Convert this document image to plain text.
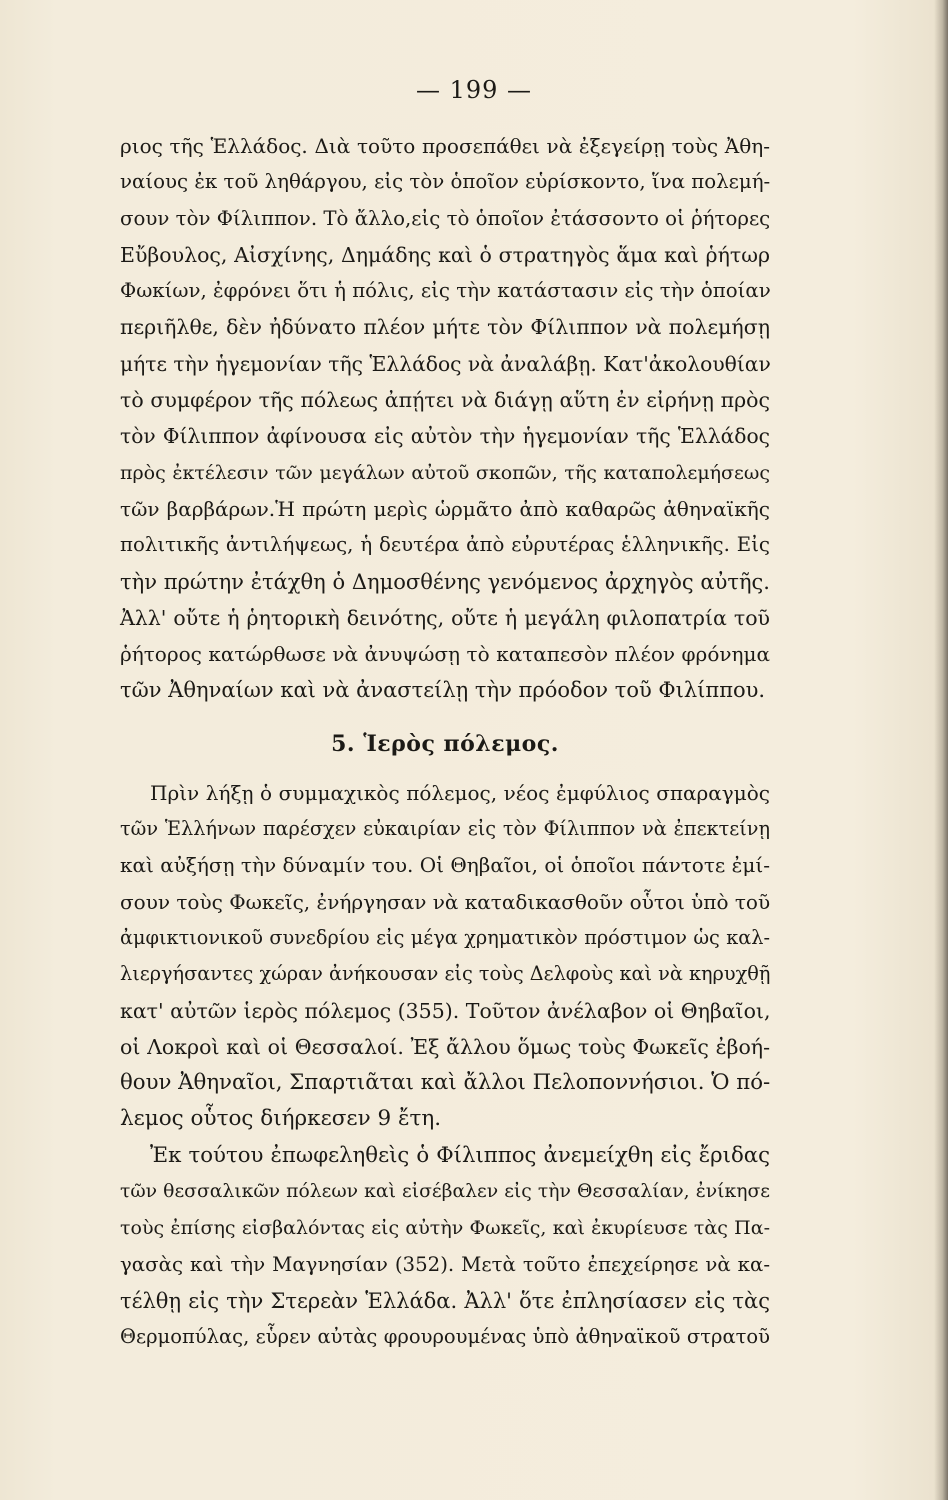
— 199 —
ριος τῆς Ἑλλάδος. Διὰ τοῦτο προσεπάθει νὰ ἐξεγείρῃ τοὺς Ἀθη-
ναίους ἐκ τοῦ ληθάργου, εἰς τὸν ὁποῖον εὑρίσκοντο, ἵνα πολεμή-
σουν τὸν Φίλιππον. Τὸ ἄλλο,εἰς τὸ ὁποῖον ἐτάσσοντο οἱ ῥήτορες
Εὔβουλος, Αἰσχίνης, Δημάδης καὶ ὁ στρατηγὸς ἅμα καὶ ῥήτωρ
Φωκίων, ἐφρόνει ὅτι ἡ πόλις, εἰς τὴν κατάστασιν εἰς τὴν ὁποίαν
περιῆλθε, δὲν ἠδύνατο πλέον μήτε τὸν Φίλιππον νὰ πολεμήσῃ
μήτε τὴν ἡγεμονίαν τῆς Ἑλλάδος νὰ ἀναλάβῃ. Κατ'ἀκολουθίαν
τὸ συμφέρον τῆς πόλεως ἀπῄτει νὰ διάγῃ αὕτη ἐν εἰρήνῃ πρὸς
τὸν Φίλιππον ἀφίνουσα εἰς αὐτὸν τὴν ἡγεμονίαν τῆς Ἑλλάδος
πρὸς ἐκτέλεσιν τῶν μεγάλων αὐτοῦ σκοπῶν, τῆς καταπολεμήσεως
τῶν βαρβάρων.Ἡ πρώτη μερὶς ὡρμᾶτο ἀπὸ καθαρῶς ἀθηναϊκῆς
πολιτικῆς ἀντιλήψεως, ἡ δευτέρα ἀπὸ εὐρυτέρας ἑλληνικῆς. Εἰς
τὴν πρώτην ἐτάχθη ὁ Δημοσθένης γενόμενος ἀρχηγὸς αὐτῆς.
Ἀλλ' οὔτε ἡ ῥητορικὴ δεινότης, οὔτε ἡ μεγάλη φιλοπατρία τοῦ
ῥήτορος κατώρθωσε νὰ ἀνυψώσῃ τὸ καταπεσὸν πλέον φρόνημα
τῶν Ἀθηναίων καὶ νὰ ἀναστείλῃ τὴν πρόοδον τοῦ Φιλίππου.
5. Ἱερὸς πόλεμος.
Πρὶν λήξῃ ὁ συμμαχικὸς πόλεμος, νέος ἐμφύλιος σπαραγμὸς
τῶν Ἑλλήνων παρέσχεν εὐκαιρίαν εἰς τὸν Φίλιππον νὰ ἐπεκτείνῃ
καὶ αὐξήσῃ τὴν δύναμίν του. Οἱ Θηβαῖοι, οἱ ὁποῖοι πάντοτε ἐμί-
σουν τοὺς Φωκεῖς, ἐνήργησαν νὰ καταδικασθοῦν οὗτοι ὑπὸ τοῦ
ἀμφικτιονικοῦ συνεδρίου εἰς μέγα χρηματικὸν πρόστιμον ὡς καλ-
λιεργήσαντες χώραν ἀνήκουσαν εἰς τοὺς Δελφοὺς καὶ νὰ κηρυχθῇ
κατ' αὐτῶν ἱερὸς πόλεμος (355). Τοῦτον ἀνέλαβον οἱ Θηβαῖοι,
οἱ Λοκροὶ καὶ οἱ Θεσσαλοί. Ἐξ ἄλλου ὅμως τοὺς Φωκεῖς ἐβοή-
θουν Ἀθηναῖοι, Σπαρτιᾶται καὶ ἄλλοι Πελοποννήσιοι. Ὁ πό-
λεμος οὗτος διήρκεσεν 9 ἔτη.
Ἐκ τούτου ἐπωφεληθεὶς ὁ Φίλιππος ἀνεμείχθη εἰς ἔριδας
τῶν θεσσαλικῶν πόλεων καὶ εἰσέβαλεν εἰς τὴν Θεσσαλίαν, ἐνίκησε
τοὺς ἐπίσης εἰσβαλόντας εἰς αὐτὴν Φωκεῖς, καὶ ἐκυρίευσε τὰς Πα-
γασὰς καὶ τὴν Μαγνησίαν (352). Μετὰ τοῦτο ἐπεχείρησε νὰ κα-
τέλθῃ εἰς τὴν Στερεὰν Ἑλλάδα. Ἀλλ' ὅτε ἐπλησίασεν εἰς τὰς
Θερμοπύλας, εὗρεν αὐτὰς φρουρουμένας ὑπὸ ἀθηναϊκοῦ στρατοῦ
